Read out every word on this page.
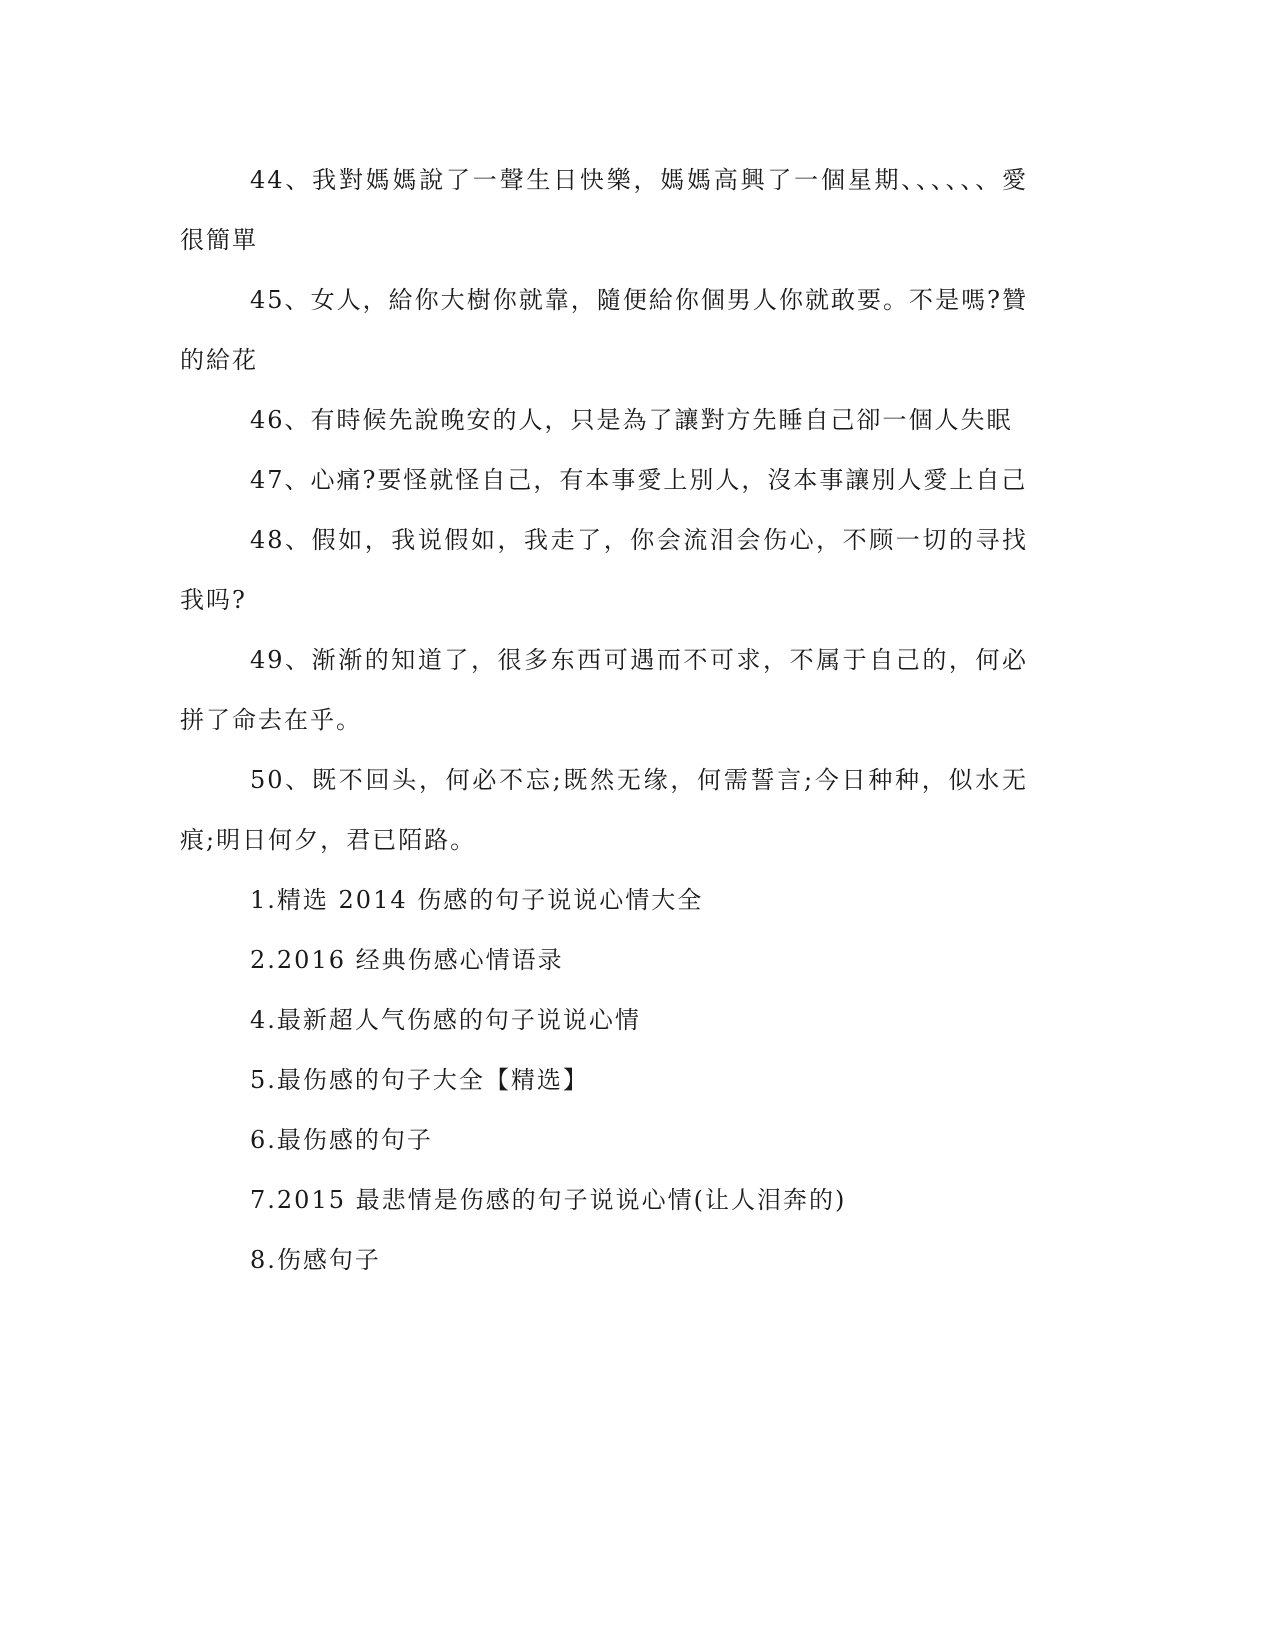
44、我對媽媽說了一聲生日快樂，媽媽高興了一個星期、、、、、、愛很簡單

45、女人，給你大樹你就靠，隨便給你個男人你就敢要。不是嗎?贊的給花

46、有時候先說晚安的人，只是為了讓對方先睡自己卻一個人失眠

47、心痛?要怪就怪自己，有本事愛上別人，沒本事讓別人愛上自己

48、假如，我说假如，我走了，你会流泪会伤心，不顾一切的寻找我吗?

49、渐渐的知道了，很多东西可遇而不可求，不属于自己的，何必拼了命去在乎。

50、既不回头，何必不忘;既然无缘，何需誓言;今日种种，似水无痕;明日何夕，君已陌路。

1.精选 2014 伤感的句子说说心情大全

2.2016 经典伤感心情语录

4.最新超人气伤感的句子说说心情

5.最伤感的句子大全【精选】

6.最伤感的句子

7.2015 最悲情是伤感的句子说说心情(让人泪奔的)

8.伤感句子
